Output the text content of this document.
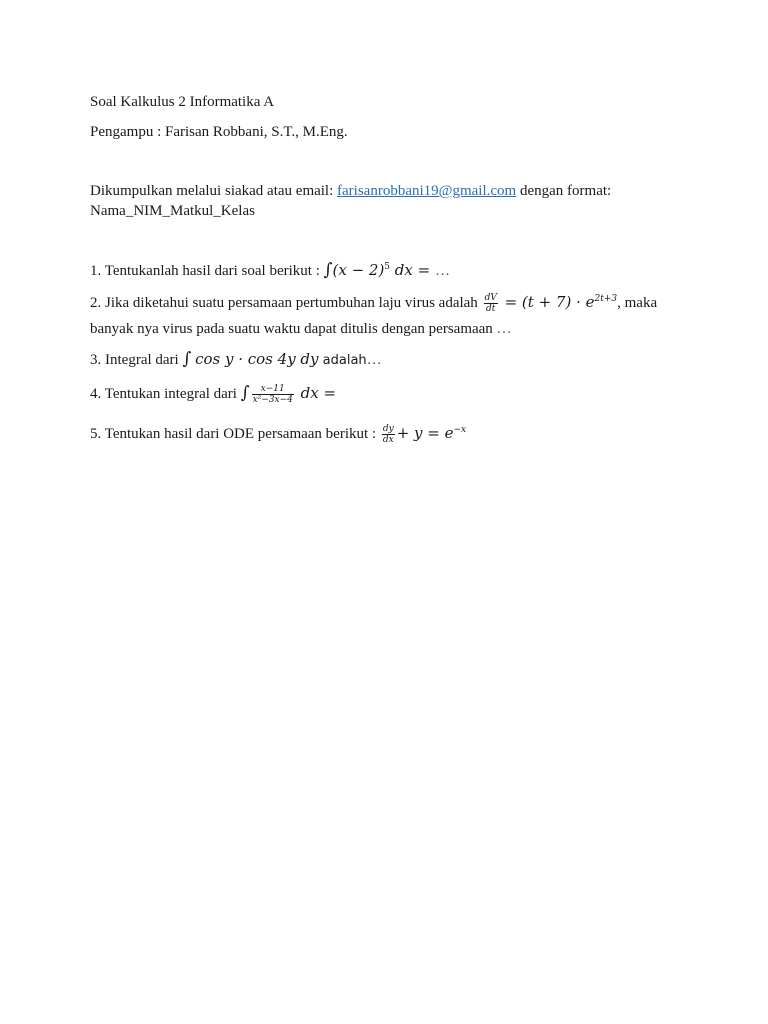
Soal Kalkulus 2 Informatika A
Pengampu : Farisan Robbani, S.T., M.Eng.
Dikumpulkan melalui siakad atau email: farisanrobbani19@gmail.com dengan format:
Nama_NIM_Matkul_Kelas
1. Tentukanlah hasil dari soal berikut : $\int(x - 2)^5$ dx = …
2. Jika diketahui suatu persamaan pertumbuhan laju virus adalah $\frac{dV}{dt} = (t + 7) \cdot e^{2t+3}$, maka
banyak nya virus pada suatu waktu dapat ditulis dengan persamaan …
3. Integral dari ∫ cos y · cos 4y dy adalah…
4. Tentukan integral dari ∫ $\frac{x-11}{\text{x²−3x−4}}$ dx =
5. Tentukan hasil dari ODE persamaan berikut : $\frac{dy}{dx} + y = e^{-x}$
